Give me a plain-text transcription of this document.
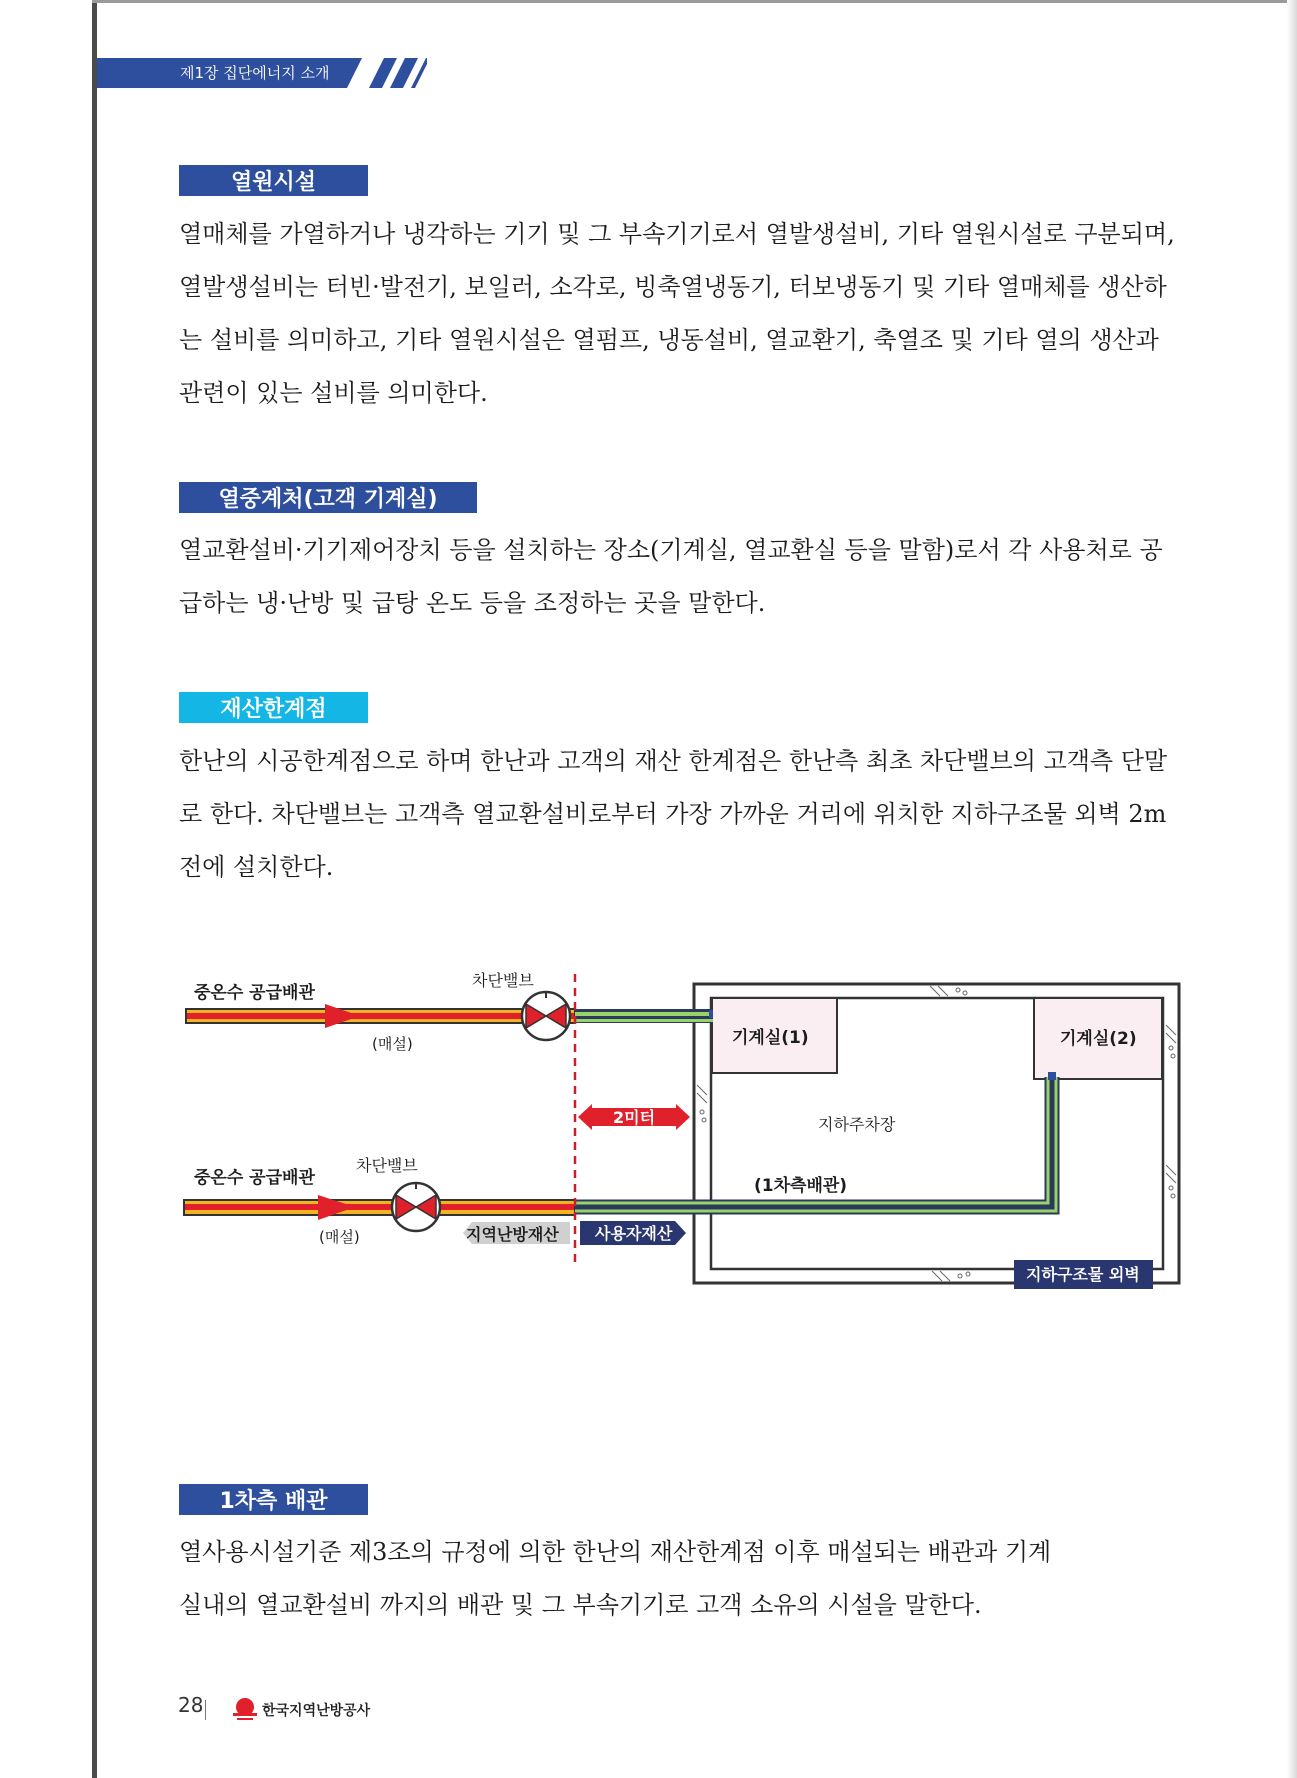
제1장 집단에너지 소개
열원시설
열매체를 가열하거나 냉각하는 기기 및 그 부속기기로서 열발생설비, 기타 열원시설로 구분되며,
열발생설비는 터빈·발전기, 보일러, 소각로, 빙축열냉동기, 터보냉동기 및 기타 열매체를 생산하
는 설비를 의미하고, 기타 열원시설은 열펌프, 냉동설비, 열교환기, 축열조 및 기타 열의 생산과
관련이 있는 설비를 의미한다.
열중계처(고객 기계실)
열교환설비·기기제어장치 등을 설치하는 장소(기계실, 열교환실 등을 말함)로서 각 사용처로 공
급하는 냉·난방 및 급탕 온도 등을 조정하는 곳을 말한다.
재산한계점
한난의 시공한계점으로 하며 한난과 고객의 재산 한계점은 한난측 최초 차단밸브의 고객측 단말
로 한다. 차단밸브는 고객측 열교환설비로부터 가장 가까운 거리에 위치한 지하구조물 외벽 2m
전에 설치한다.
중온수 공급배관
차단밸브
(매설)
중온수 공급배관
차단밸브
(매설)
2미터
기계실(1)	기계실(2)
지하주차장
(1차측배관)
지역난방재산 사용자재산
지하구조물 외벽
1차측 배관
열사용시설기준 제3조의 규정에 의한 한난의 재산한계점 이후 매설되는 배관과 기계
실내의 열교환설비 까지의 배관 및 그 부속기기로 고객 소유의 시설을 말한다.
28	한국지역난방공사
